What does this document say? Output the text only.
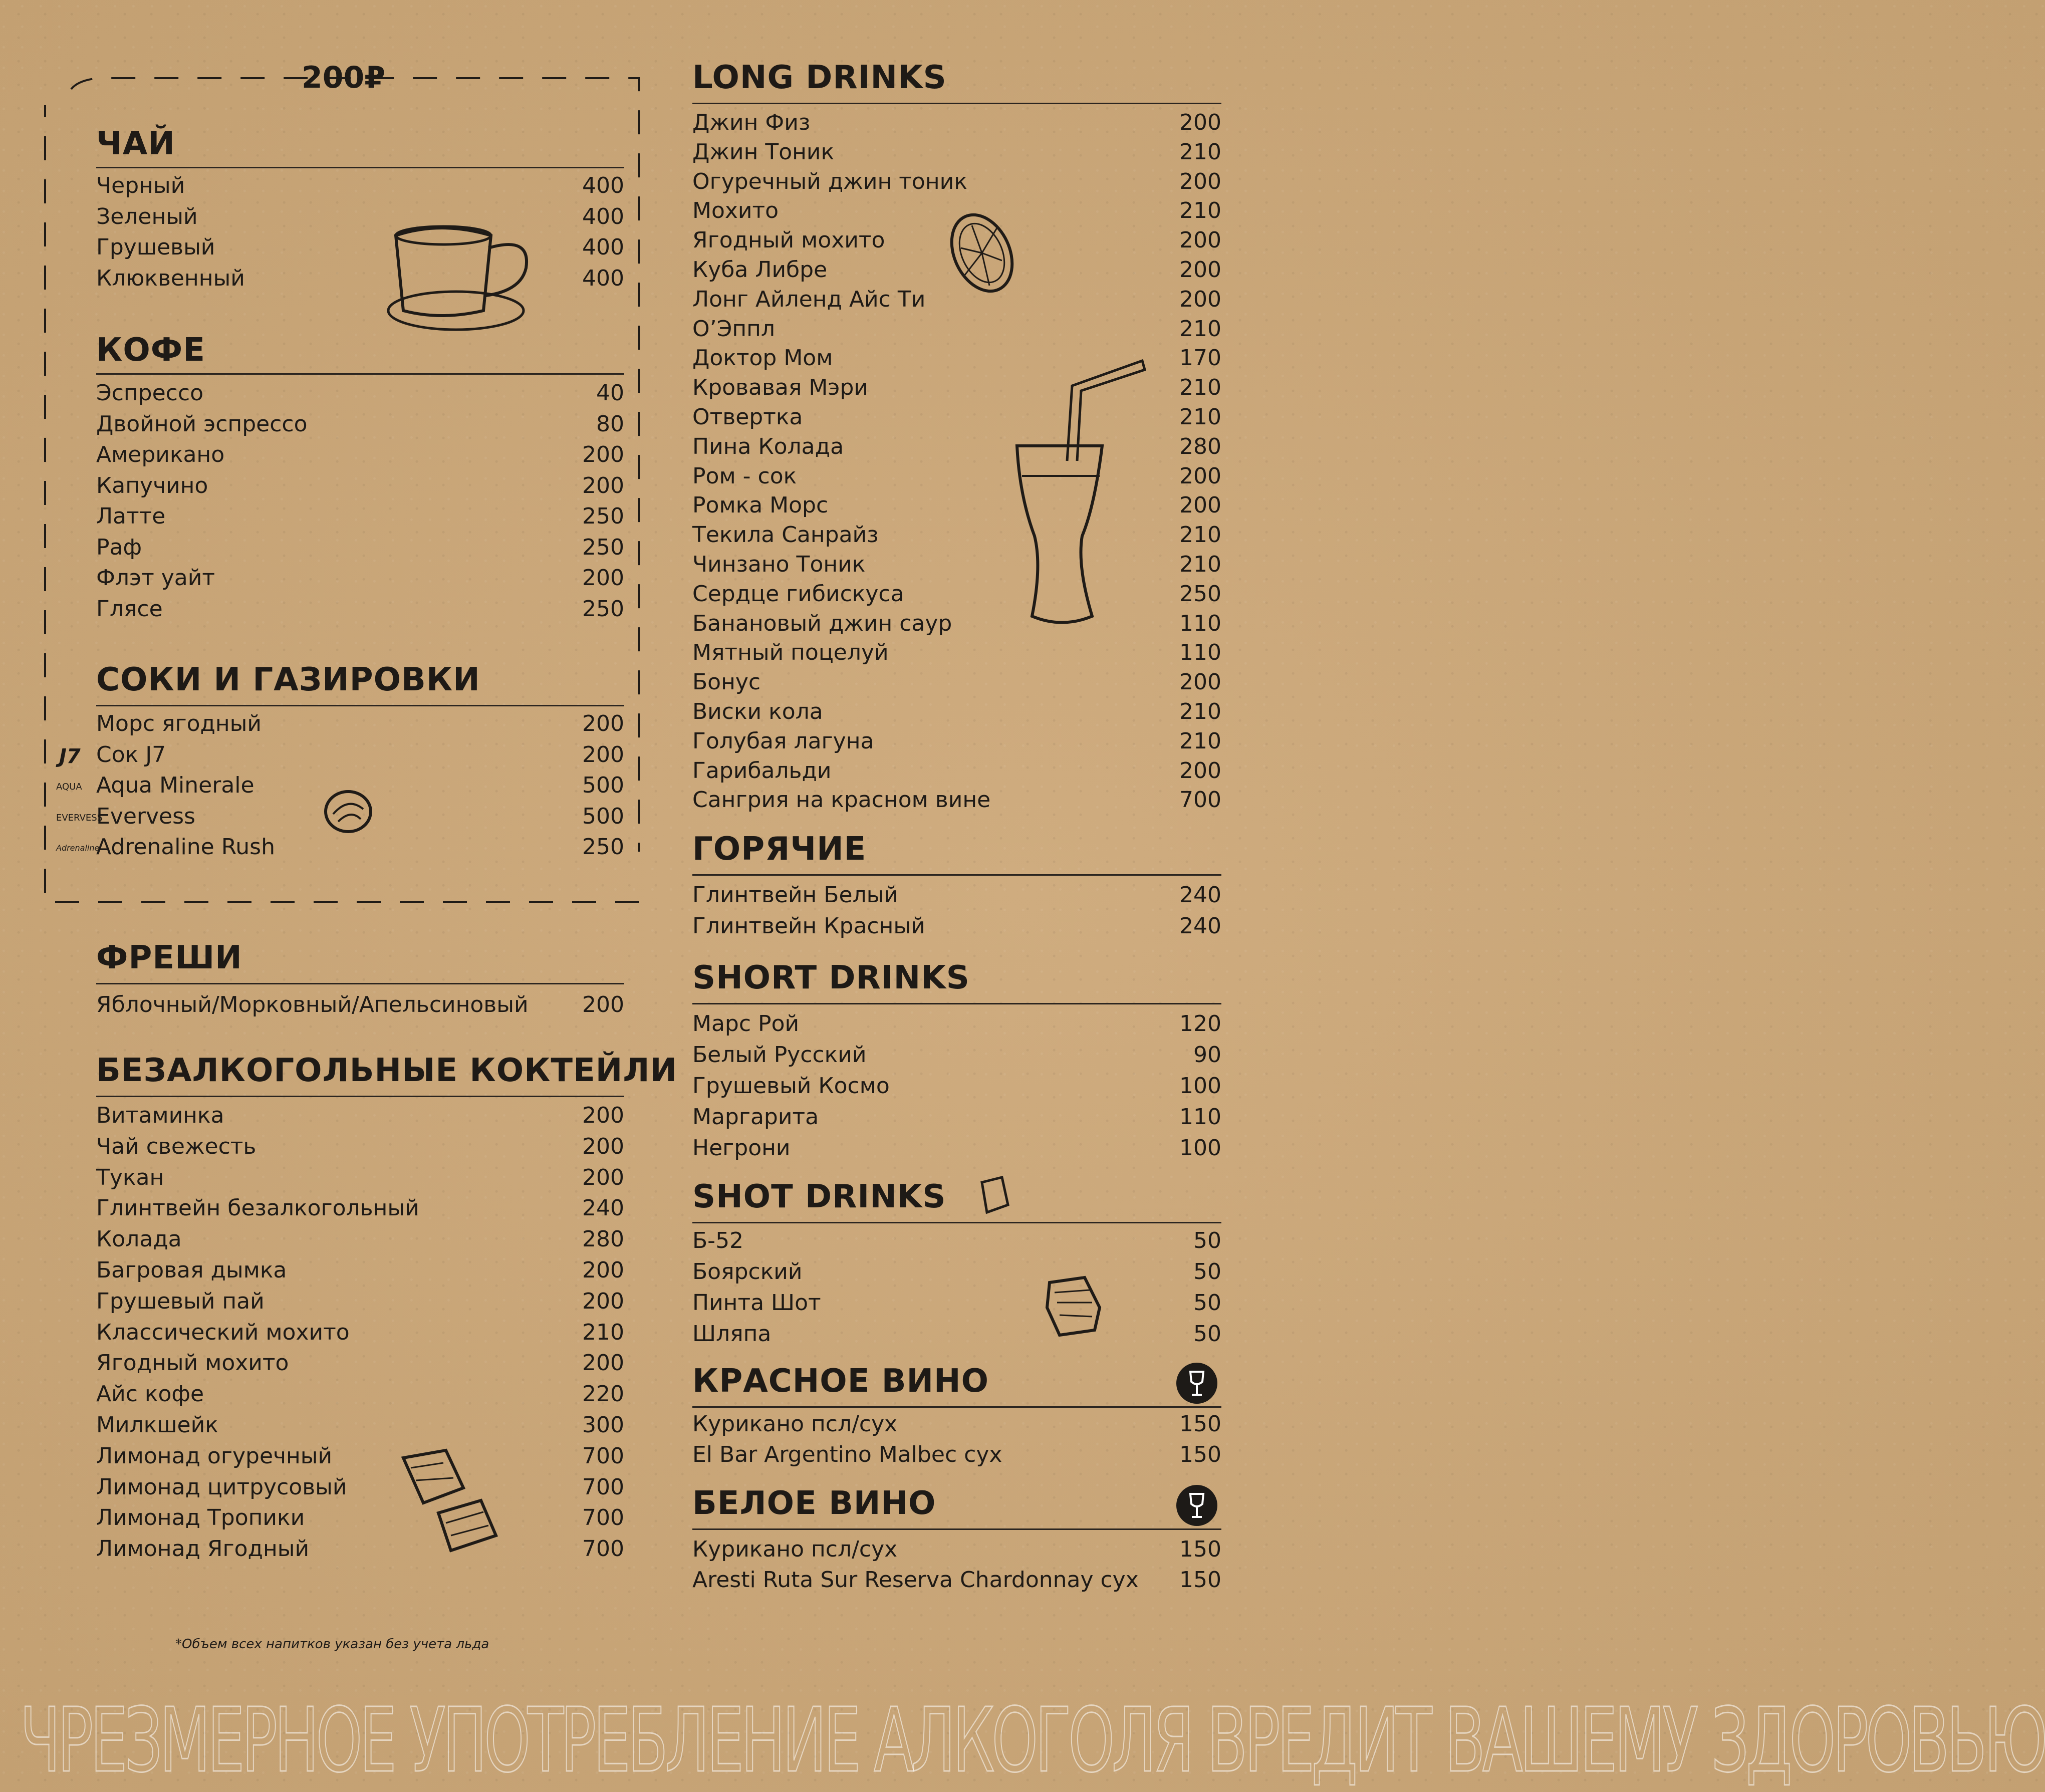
200₽
ЧАЙ
Черный	400
Зеленый	400
Грушевый	400
Клюквенный	400
КОФЕ
Эспрессо	40
Двойной эспрессо	80
Американо	200
Капучино	200
Латте	250
Раф	250
Флэт уайт	200
Глясе	250
СОКИ И ГАЗИРОВКИ
Морс ягодный	200
Сок J7	200
J7
Aqua Minerale	500
AQUA
Evervess	500
EVERVESS
Adrenaline Rush	250
Adrenaline
ФРЕШИ
Яблочный/Морковный/Апельсиновый 200
БЕЗАЛКОГОЛЬНЫЕ КОКТЕЙЛИ
Витаминка	200
Чай свежесть	200
Тукан	200
Глинтвейн безалкогольный	240
Колада	280
Багровая дымка	200
Грушевый пай	200
Классический мохито	210
Ягодный мохито	200
Айс кофе	220
Милкшейк	300
Лимонад огуречный	700
Лимонад цитрусовый	700
Лимонад Тропики	700
Лимонад Ягодный	700
LONG DRINKS
Джин Физ	200
Джин Тоник	210
Огуречный джин тоник	200
Мохито	210
Ягодный мохито	200
Куба Либре	200
Лонг Айленд Айс Ти	200
О’Эппл	210
Доктор Мом	170
Кровавая Мэри	210
Отвертка	210
Пина Колада	280
Ром - сок	200
Ромка Морс	200
Текила Санрайз	210
Чинзано Тоник	210
Сердце гибискуса	250
Банановый джин саур	110
Мятный поцелуй	110
Бонус	200
Виски кола	210
Голубая лагуна	210
Гарибальди	200
Сангрия на красном вине	700
ГОРЯЧИЕ
Глинтвейн Белый	240
Глинтвейн Красный	240
SHORT DRINKS
Марс Рой	120
Белый Русский	90
Грушевый Космо	100
Маргарита	110
Негрони	100
SHOT DRINKS
Б-52	50
Боярский	50
Пинта Шот	50
Шляпа	50
КРАСНОЕ ВИНО
Курикано псл/сух	150
El Bar Argentino Malbec сух	150
БЕЛОЕ ВИНО
Курикано псл/сух	150
Aresti Ruta Sur Reserva Chardonnay сух 150
*Объем всех напитков указан без учета льда
ЧРЕЗМЕРНОЕ УПОТРЕБЛЕНИЕ АЛКОГОЛЯ ВРЕДИТ ВАШЕМУ ЗДОРОВЬЮ
